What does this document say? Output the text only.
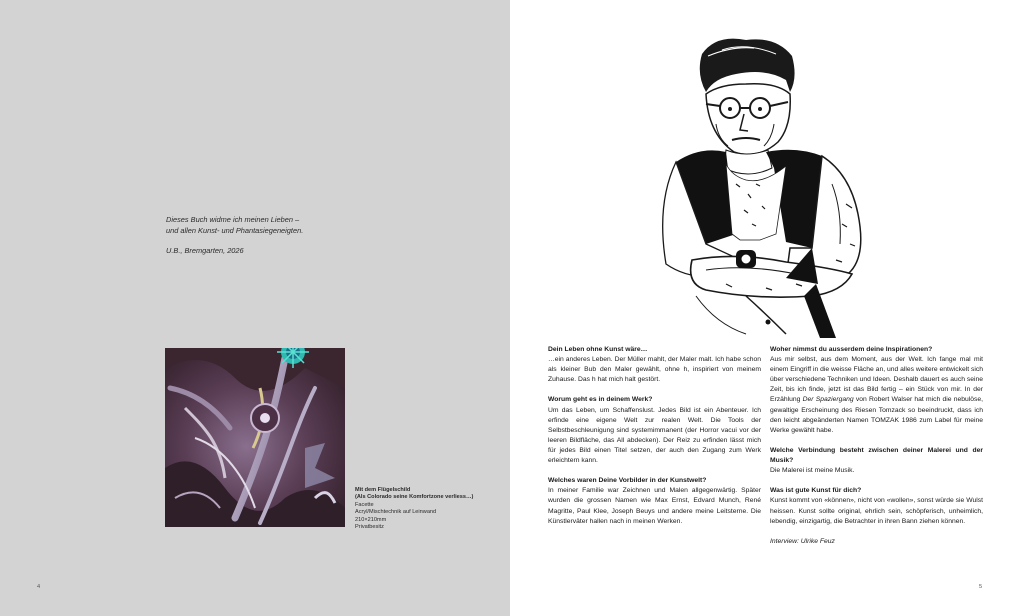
Dieses Buch widme ich meinen Lieben –

und allen Kunst- und Phantasiegeneigten.

U.B., Bremgarten, 2026

Mit dem Flügelschild
(Als Colorado seine Komfortzone verliess…)
Facette
Acryl/Mischtechnik auf Leinwand
210×210mm
Privatbesitz
4
Dein Leben ohne Kunst wäre…
…ein anderes Leben. Der Müller mahlt, der Maler malt. Ich habe schon als kleiner Bub den Maler gewählt, ohne h, inspiriert von meinem Zuhause. Das h hat mich halt gestört.
Worum geht es in deinem Werk?
Um das Leben, um Schaffenslust. Jedes Bild ist ein Abenteuer. Ich erfinde eine eigene Welt zur realen Welt. Die Tools der Selbstbeschleunigung sind systemimmanent (der Horror vacui vor der leeren Bildfläche, das All abdecken). Der Reiz zu erfinden lässt mich für jedes Bild einen Titel setzen, der auch den Zugang zum Werk erleichtern kann.
Welches waren Deine Vorbilder in der Kunstwelt?
In meiner Familie war Zeichnen und Malen allgegenwärtig. Später wurden die grossen Namen wie Max Ernst, Edvard Munch, René Magritte, Paul Klee, Joseph Beuys und andere meine Leitsterne. Die Künstlerväter hallen nach in meinen Werken.
Woher nimmst du ausserdem deine Inspirationen?
Aus mir selbst, aus dem Moment, aus der Welt. Ich fange mal mit einem Eingriff in die weisse Fläche an, und alles weitere entwickelt sich über verschiedene Techniken und Ideen. Deshalb dauert es auch seine Zeit, bis ich finde, jetzt ist das Bild fertig – ein Stück von mir. In der Erzählung Der Spaziergang von Robert Walser hat mich die nebulöse, gewaltige Erscheinung des Riesen Tomzack so beeindruckt, dass ich den leicht abgeänderten Namen TOMZAK 1986 zum Label für meine Werke gewählt habe.
Welche Verbindung besteht zwischen deiner Malerei und der Musik?
Die Malerei ist meine Musik.
Was ist gute Kunst für dich?
Kunst kommt von «können», nicht von «wollen», sonst würde sie Wulst heissen. Kunst sollte original, ehrlich sein, schöpferisch, unheimlich, lebendig, einzigartig, die Betrachter in ihren Bann ziehen können.
Interview: Ulrike Feuz
5
